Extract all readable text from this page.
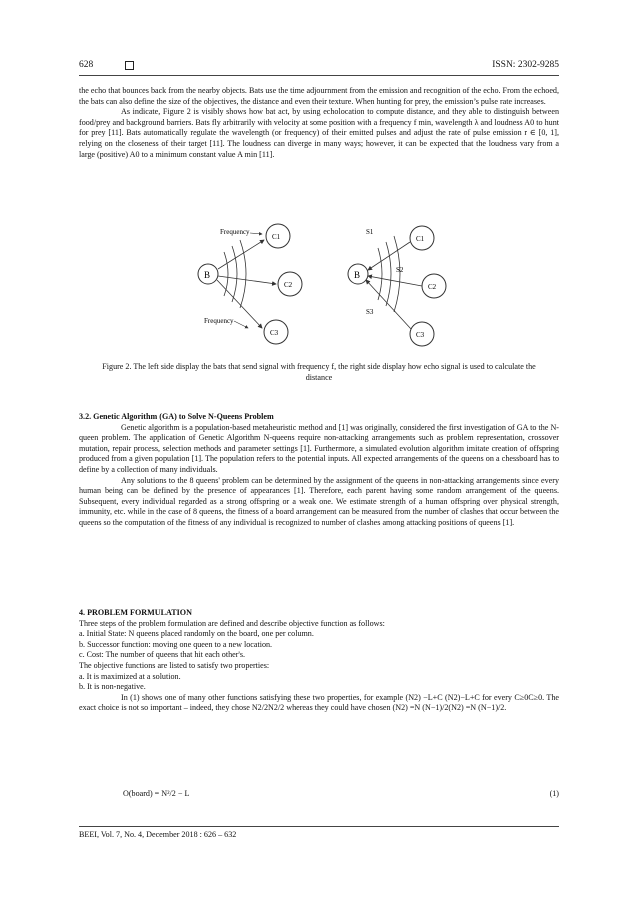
628	ISSN: 2302-9285

the echo that bounces back from the nearby objects. Bats use the time adjournment from the emission and recognition of the echo. From the echoed, the bats can also define the size of the objectives, the distance and even their texture. When hunting for prey, the emission’s pulse rate increases.

As indicate, Figure 2 is visibly shows how bat act, by using echolocation to compute distance, and they able to distinguish between food/prey and background barriers. Bats fly arbitrarily with velocity at some position with a frequency f min, wavelength λ and loudness A0 to hunt for prey [11]. Bats automatically regulate the wavelength (or frequency) of their emitted pulses and adjust the rate of pulse emission r ∈ [0, 1], relying on the closeness of their target [11]. The loudness can diverge in many ways; however, it can be expected that the loudness vary from a large (positive) A0 to a minimum constant value A min [11].

B
C1
C2
C3
Frequency
Frequency
B
C1
C2
C3
S1
S2
S3
Figure 2. The left side display the bats that send signal with frequency f, the right side display how echo signal is used to calculate the distance

3.2. Genetic Algorithm (GA) to Solve N-Queens Problem

Genetic algorithm is a population-based metaheuristic method and [1] was originally, considered the first investigation of GA to the N-queen problem. The application of Genetic Algorithm N-queens require non-attacking arrangements such as problem representation, crossover mutation, repair process, selection methods and parameter settings [1]. Furthermore, a simulated evolution algorithm imitate creation of offspring produced from a given population [1]. The population refers to the potential inputs. All expected arrangements of the queens on a chessboard has to define by a collection of many individuals.

Any solutions to the 8 queens' problem can be determined by the assignment of the queens in non-attacking arrangements since every human being can be defined by the presence of appearances [1]. Therefore, each parent having some random arrangement of the queens. Subsequent, every individual regarded as a strong offspring or a weak one. We estimate strength of a human offspring over physical strength, immunity, etc. while in the case of 8 queens, the fitness of a board arrangement can be measured from the number of clashes that occur between the queens so the computation of the fitness of any individual is recognized to number of clashes among attacking positions of queens [1].

4. PROBLEM FORMULATION

Three steps of the problem formulation are defined and describe objective function as follows:

a. Initial State: N queens placed randomly on the board, one per column.
b. Successor function: moving one queen to a new location.
c. Cost: The number of queens that hit each other's.

The objective functions are listed to satisfy two properties:

a. It is maximized at a solution.
b. It is non-negative.

In (1) shows one of many other functions satisfying these two properties, for example (N2) −L+C (N2)−L+C for every C≥0C≥0. The exact choice is not so important – indeed, they chose N2/2N2/2 whereas they could have chosen (N2) =N (N−1)/2(N2) =N (N−1)/2.

O(board) = N²/2 − L	(1)
BEEI, Vol. 7, No. 4, December 2018 : 626 – 632
